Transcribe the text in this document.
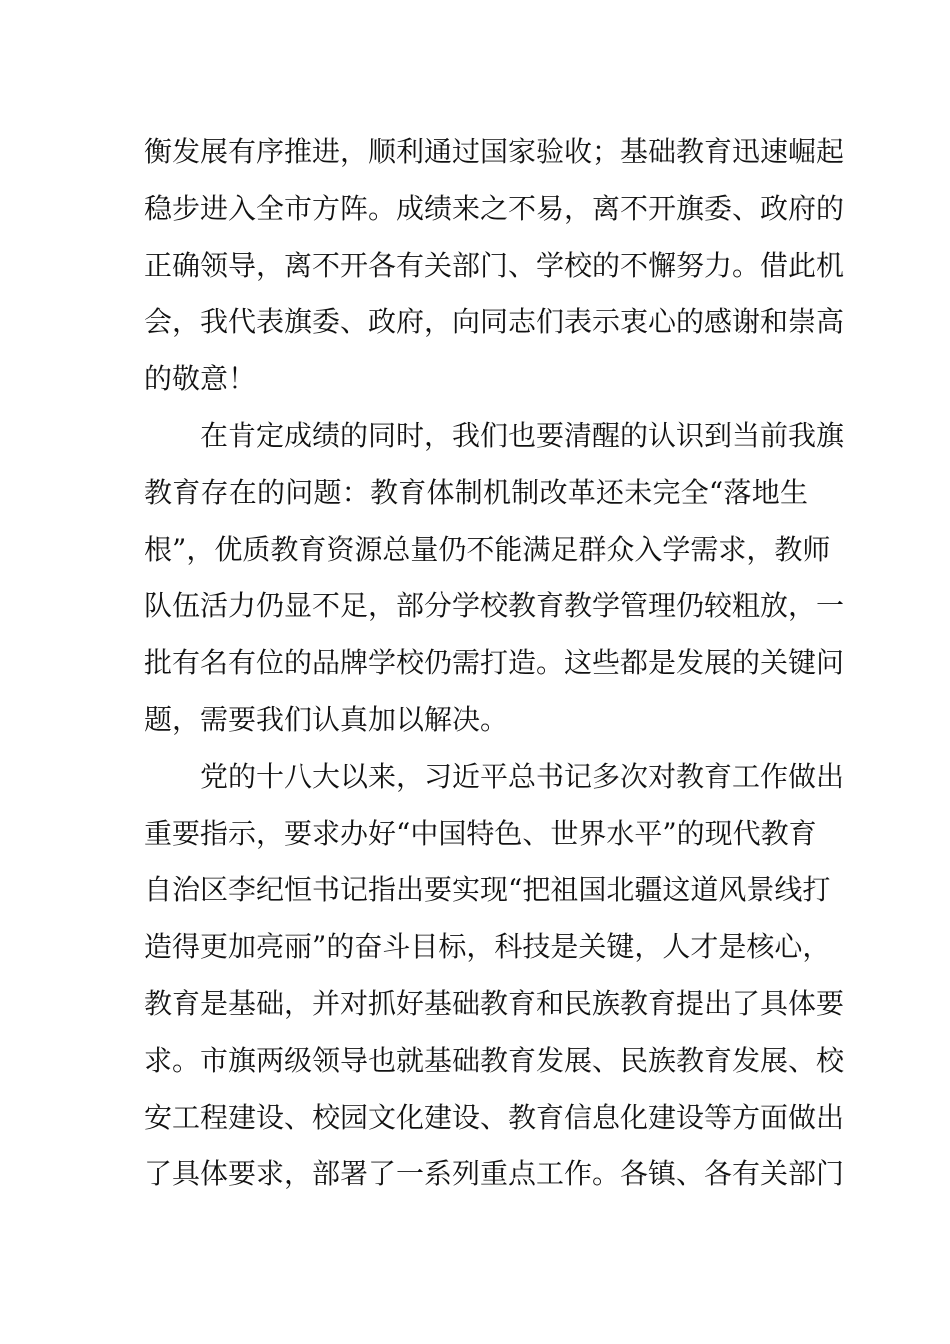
衡发展有序推进，顺利通过国家验收；基础教育迅速崛起
稳步进入全市方阵。成绩来之不易，离不开旗委、政府的
正确领导，离不开各有关部门、学校的不懈努力。借此机
会，我代表旗委、政府，向同志们表示衷心的感谢和崇高
的敬意！
在肯定成绩的同时，我们也要清醒的认识到当前我旗
教育存在的问题：教育体制机制改革还未完全“落地生
根”，优质教育资源总量仍不能满足群众入学需求，教师
队伍活力仍显不足，部分学校教育教学管理仍较粗放，一
批有名有位的品牌学校仍需打造。这些都是发展的关键问
题，需要我们认真加以解决。
党的十八大以来，习近平总书记多次对教育工作做出
重要指示，要求办好“中国特色、世界水平”的现代教育
自治区李纪恒书记指出要实现“把祖国北疆这道风景线打
造得更加亮丽”的奋斗目标，科技是关键，人才是核心，
教育是基础，并对抓好基础教育和民族教育提出了具体要
求。市旗两级领导也就基础教育发展、民族教育发展、校
安工程建设、校园文化建设、教育信息化建设等方面做出
了具体要求，部署了一系列重点工作。各镇、各有关部门
